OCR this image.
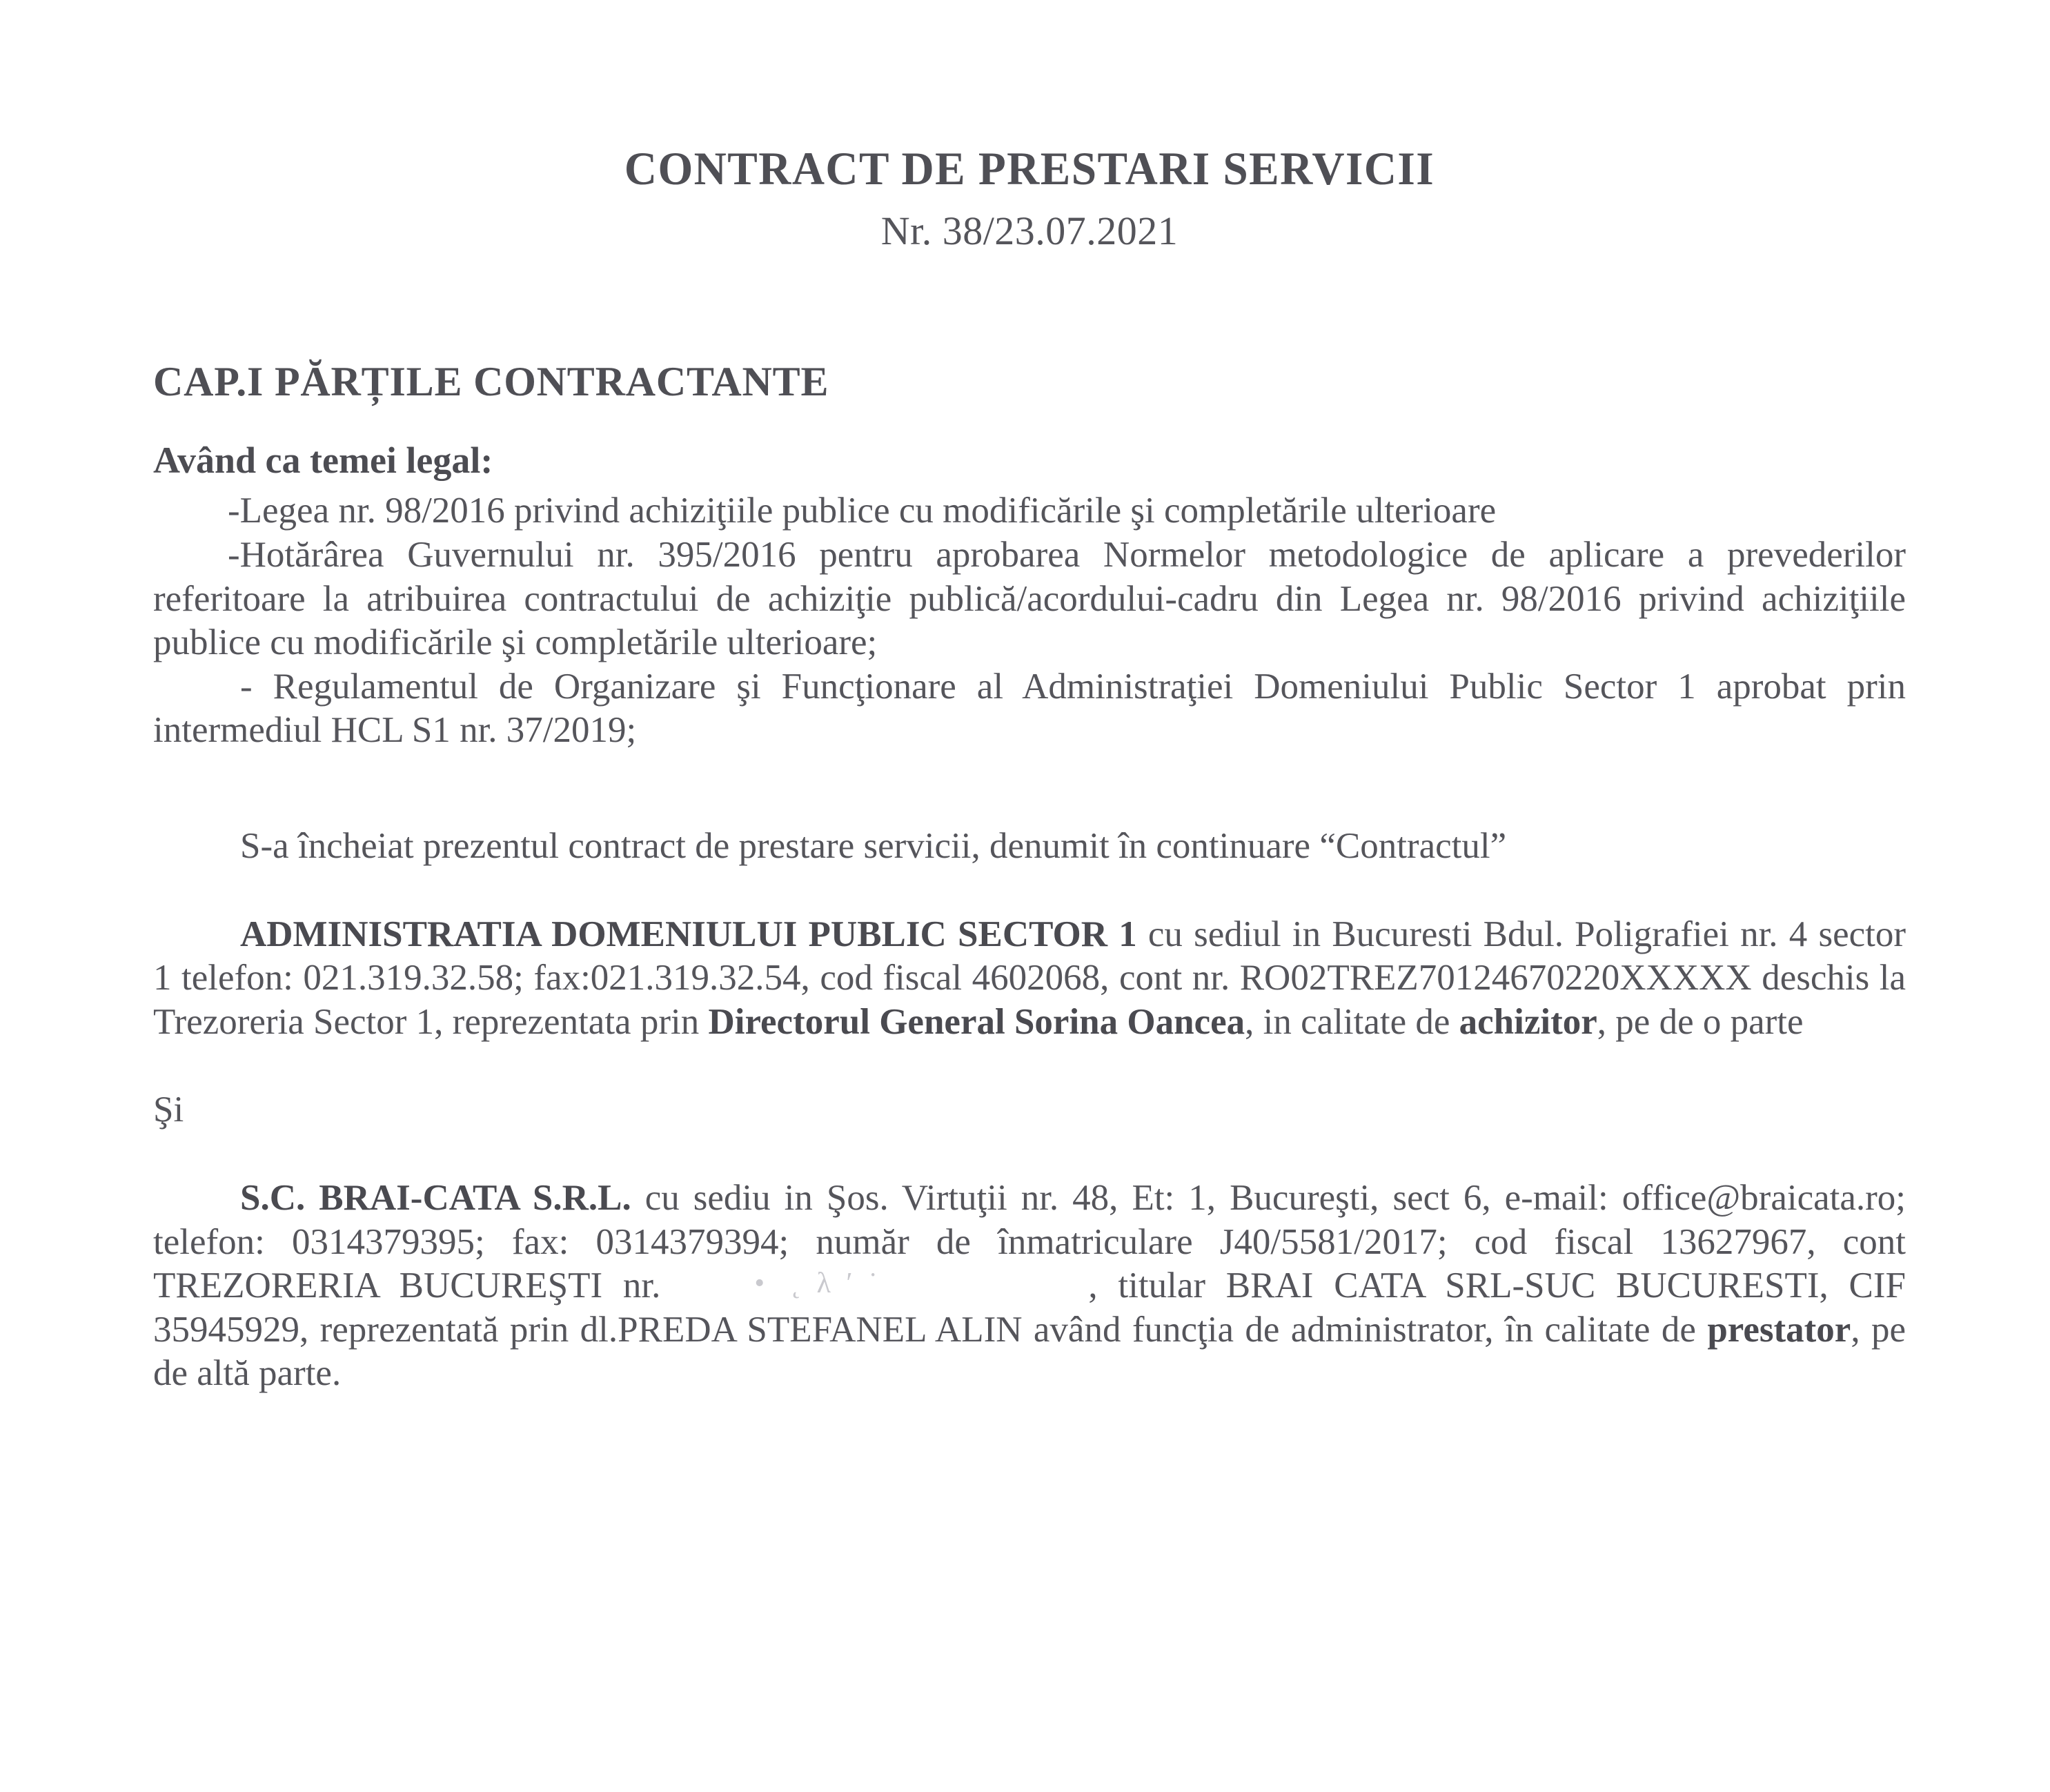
CONTRACT DE PRESTARI SERVICII
Nr. 38/23.07.2021
CAP.I PĂRȚILE CONTRACTANTE
Având ca temei legal:

-Legea nr. 98/2016 privind achiziţiile publice cu modificările şi completările ulterioare

-Hotărârea Guvernului nr. 395/2016 pentru aprobarea Normelor metodologice de aplicare a prevederilor referitoare la atribuirea contractului de achiziţie publică/acordului-cadru din Legea nr. 98/2016 privind achiziţiile publice cu modificările şi completările ulterioare;

- Regulamentul de Organizare şi Funcţionare al Administraţiei Domeniului Public Sector 1 aprobat prin intermediul HCL S1 nr. 37/2019;

S-a încheiat prezentul contract de prestare servicii, denumit în continuare “Contractul”

ADMINISTRATIA DOMENIULUI PUBLIC SECTOR 1 cu sediul in Bucuresti Bdul. Poligrafiei nr. 4 sector 1 telefon: 021.319.32.58; fax:021.319.32.54, cod fiscal 4602068, cont nr. RO02TREZ70124670220XXXXX deschis la Trezoreria Sector 1, reprezentata prin Directorul General Sorina Oancea, in calitate de achizitor, pe de o parte

Şi

S.C. BRAI-CATA S.R.L. cu sediu in Şos. Virtuţii nr. 48, Et: 1, Bucureşti, sect 6, e-mail: office@braicata.ro; telefon: 0314379395; fax: 0314379394; număr de înmatriculare J40/5581/2017; cod fiscal 13627967, cont TREZORERIA BUCUREŞTI nr. •  ˛ λ ′ ˙	, titular BRAI CATA SRL-SUC BUCURESTI, CIF 35945929, reprezentată prin dl.PREDA STEFANEL ALIN având funcţia de administrator, în calitate de prestator, pe de altă parte.
